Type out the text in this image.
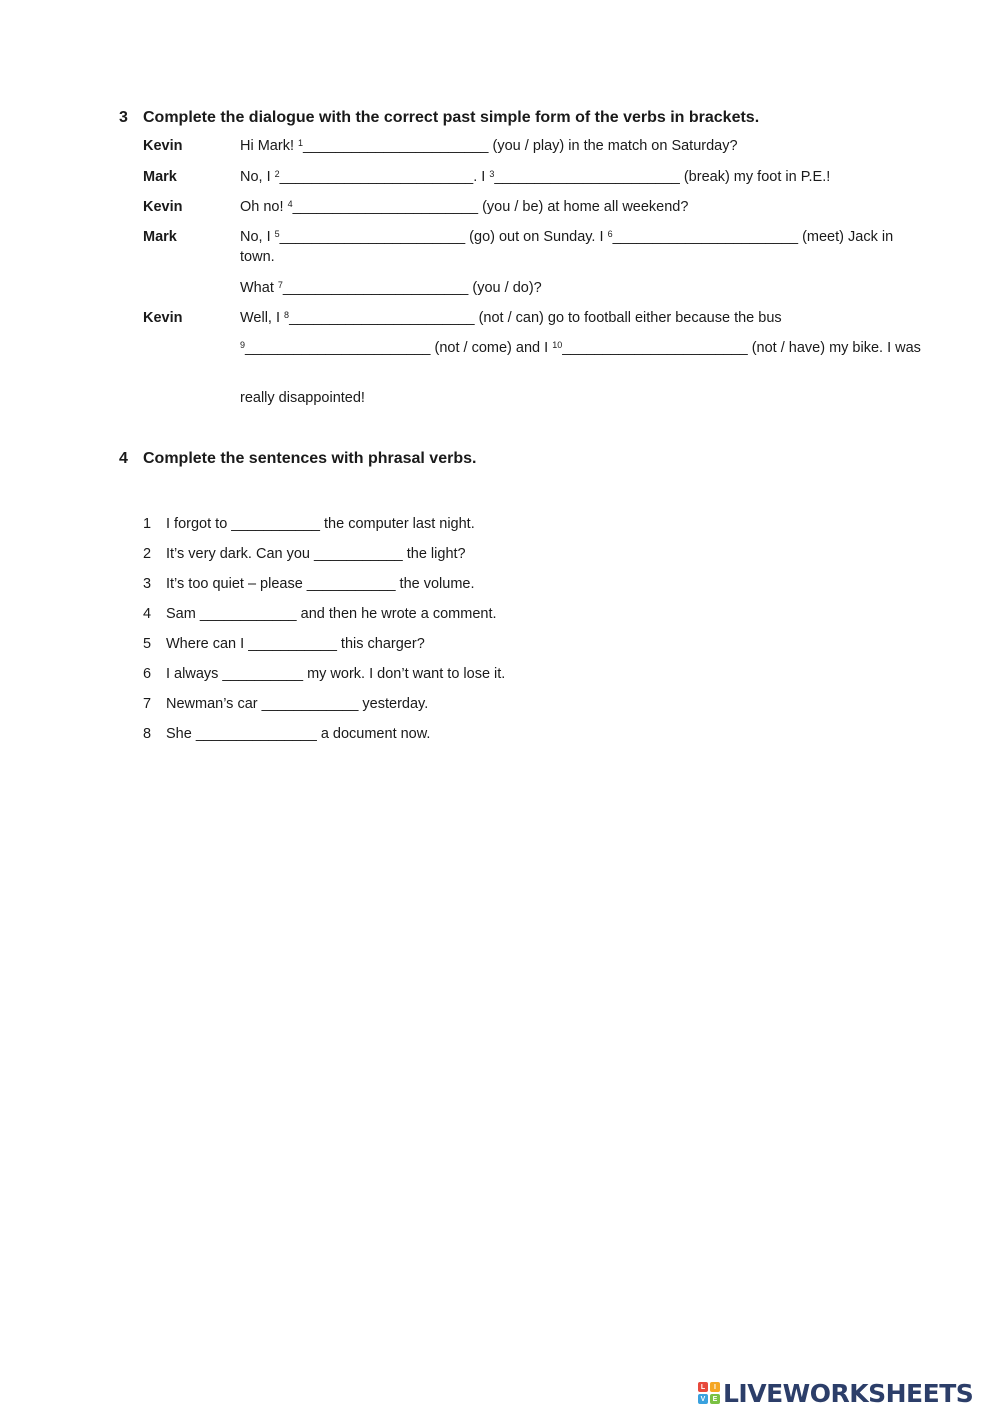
3 Complete the dialogue with the correct past simple form of the verbs in brackets.
Kevin	Hi Mark! $^1$_______________________ (you / play) in the match on Saturday?
Mark	No, I $^2$________________________. I $^3$_______________________ (break) my foot in P.E.!
Kevin	Oh no! $^4$_______________________ (you / be) at home all weekend?
Mark	No, I $^5$_______________________ (go) out on Sunday. I $^6$_______________________ (meet) Jack in town.
What $^7$_______________________ (you / do)?
Kevin	Well, I $^8$_______________________ (not / can) go to football either because the bus
$^9$_______________________ (not / come) and I $^{10}$_______________________ (not / have) my bike. I was
really disappointed!
4 Complete the sentences with phrasal verbs.
1 I forgot to ___________ the computer last night.
2 It’s very dark. Can you ___________ the light?
3 It’s too quiet – please ___________ the volume.
4 Sam ____________ and then he wrote a comment.
5 Where can I ___________ this charger?
6 I always __________ my work. I don’t want to lose it.
7 Newman’s car ____________ yesterday.
8 She _______________ a document now.
L	I
V	E LIVEWORKSHEETS
